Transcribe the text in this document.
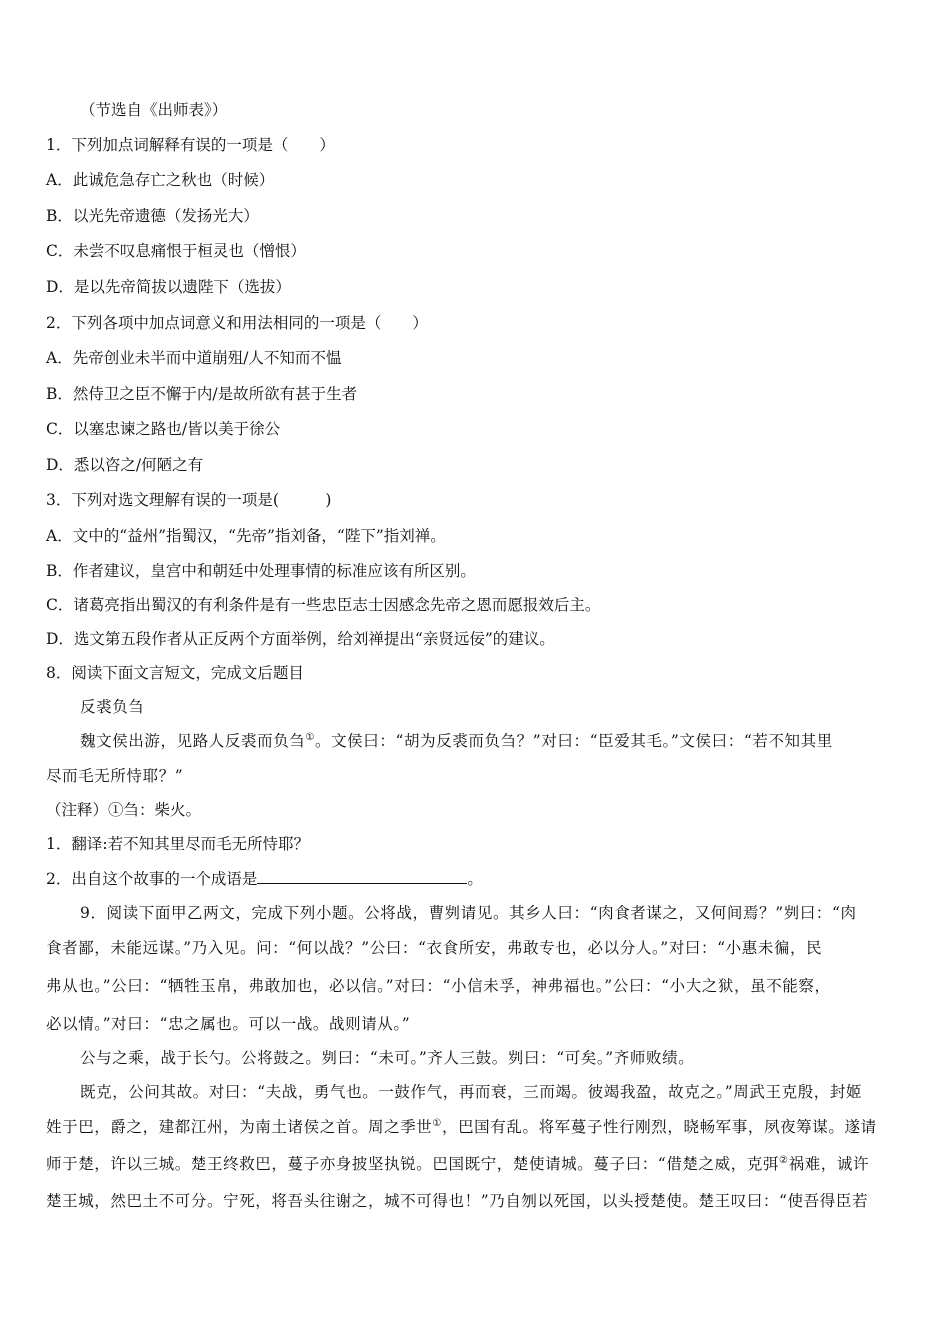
（节选自《出师表》）
1．下列加点词解释有误的一项是（　　）
A．此诚危急存亡之秋也（时候）
B．以光先帝遗德（发扬光大）
C．未尝不叹息痛恨于桓灵也（憎恨）
D．是以先帝简拔以遗陛下（选拔）
2．下列各项中加点词意义和用法相同的一项是（　　）
A．先帝创业未半而中道崩殂/人不知而不愠
B．然侍卫之臣不懈于内/是故所欲有甚于生者
C．以塞忠谏之路也/皆以美于徐公
D．悉以咨之/何陋之有
3．下列对选文理解有误的一项是(　　　)
A．文中的“益州”指蜀汉，“先帝”指刘备，“陛下”指刘禅。
B．作者建议，皇宫中和朝廷中处理事情的标准应该有所区别。
C．诸葛亮指出蜀汉的有利条件是有一些忠臣志士因感念先帝之恩而愿报效后主。
D．选文第五段作者从正反两个方面举例，给刘禅提出“亲贤远佞”的建议。
8．阅读下面文言短文，完成文后题目
反裘负刍
魏文侯出游，见路人反裘而负刍①。文侯曰：“胡为反裘而负刍？”对曰：“臣爱其毛。”文侯曰：“若不知其里
尽而毛无所恃耶？”
（注释）①刍：柴火。
1．翻译:若不知其里尽而毛无所恃耶？
2．出自这个故事的一个成语是	。
9．阅读下面甲乙两文，完成下列小题。公将战，曹刿请见。其乡人曰：“肉食者谋之，又何间焉？”刿曰：“肉
食者鄙，未能远谋。”乃入见。问：“何以战？”公曰：“衣食所安，弗敢专也，必以分人。”对曰：“小惠未徧，民
弗从也。”公曰：“牺牲玉帛，弗敢加也，必以信。”对曰：“小信未孚，神弗福也。”公曰：“小大之狱，虽不能察，
必以情。”对曰：“忠之属也。可以一战。战则请从。”
公与之乘，战于长勺。公将鼓之。刿曰：“未可。”齐人三鼓。刿曰：“可矣。”齐师败绩。
既克，公问其故。对曰：“夫战，勇气也。一鼓作气，再而衰，三而竭。彼竭我盈，故克之。”周武王克殷，封姬
姓于巴，爵之，建都江州，为南土诸侯之首。周之季世①，巴国有乱。将军蔓子性行刚烈，晓畅军事，夙夜筹谋。遂请
师于楚，许以三城。楚王终救巴，蔓子亦身披坚执锐。巴国既宁，楚使请城。蔓子曰：“借楚之威，克弭②祸难，诚许
楚王城，然巴土不可分。宁死，将吾头往谢之，城不可得也！”乃自刎以死国，以头授楚使。楚王叹曰：“使吾得臣若
